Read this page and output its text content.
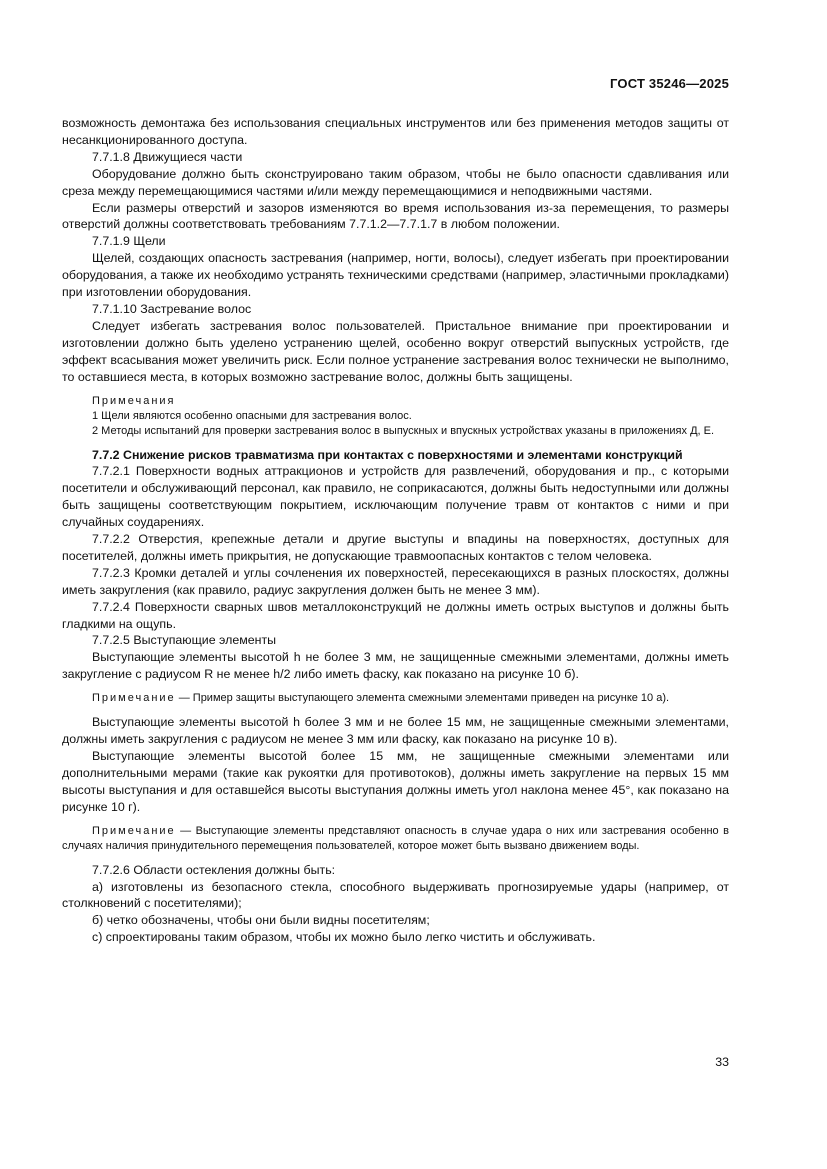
ГОСТ 35246—2025

возможность демонтажа без использования специальных инструментов или без применения методов защиты от несанкционированного доступа.

7.7.1.8 Движущиеся части

Оборудование должно быть сконструировано таким образом, чтобы не было опасности сдавливания или среза между перемещающимися частями и/или между перемещающимися и неподвижными частями.

Если размеры отверстий и зазоров изменяются во время использования из-за перемещения, то размеры отверстий должны соответствовать требованиям 7.7.1.2—7.7.1.7 в любом положении.

7.7.1.9 Щели

Щелей, создающих опасность застревания (например, ногти, волосы), следует избегать при проектировании оборудования, а также их необходимо устранять техническими средствами (например, эластичными прокладками) при изготовлении оборудования.

7.7.1.10 Застревание волос

Следует избегать застревания волос пользователей. Пристальное внимание при проектировании и изготовлении должно быть уделено устранению щелей, особенно вокруг отверстий выпускных устройств, где эффект всасывания может увеличить риск. Если полное устранение застревания волос технически не выполнимо, то оставшиеся места, в которых возможно застревание волос, должны быть защищены.

Примечания

1 Щели являются особенно опасными для застревания волос.

2 Методы испытаний для проверки застревания волос в выпускных и впускных устройствах указаны в приложениях Д, Е.

7.7.2 Снижение рисков травматизма при контактах с поверхностями и элементами конструкций

7.7.2.1 Поверхности водных аттракционов и устройств для развлечений, оборудования и пр., с которыми посетители и обслуживающий персонал, как правило, не соприкасаются, должны быть недоступными или должны быть защищены соответствующим покрытием, исключающим получение травм от контактов с ними и при случайных соударениях.

7.7.2.2 Отверстия, крепежные детали и другие выступы и впадины на поверхностях, доступных для посетителей, должны иметь прикрытия, не допускающие травмоопасных контактов с телом человека.

7.7.2.3 Кромки деталей и углы сочленения их поверхностей, пересекающихся в разных плоскостях, должны иметь закругления (как правило, радиус закругления должен быть не менее 3 мм).

7.7.2.4 Поверхности сварных швов металлоконструкций не должны иметь острых выступов и должны быть гладкими на ощупь.

7.7.2.5 Выступающие элементы

Выступающие элементы высотой h не более 3 мм, не защищенные смежными элементами, должны иметь закругление с радиусом R не менее h/2 либо иметь фаску, как показано на рисунке 10 б).

Примечание — Пример защиты выступающего элемента смежными элементами приведен на рисунке 10 а).

Выступающие элементы высотой h более 3 мм и не более 15 мм, не защищенные смежными элементами, должны иметь закругления с радиусом не менее 3 мм или фаску, как показано на рисунке 10 в).

Выступающие элементы высотой более 15 мм, не защищенные смежными элементами или дополнительными мерами (такие как рукоятки для противотоков), должны иметь закругление на первых 15 мм высоты выступания и для оставшейся высоты выступания должны иметь угол наклона менее 45°, как показано на рисунке 10 г).

Примечание — Выступающие элементы представляют опасность в случае удара о них или застревания особенно в случаях наличия принудительного перемещения пользователей, которое может быть вызвано движением воды.

7.7.2.6 Области остекления должны быть:

а) изготовлены из безопасного стекла, способного выдерживать прогнозируемые удары (например, от столкновений с посетителями);

б) четко обозначены, чтобы они были видны посетителям;

с) спроектированы таким образом, чтобы их можно было легко чистить и обслуживать.

33
